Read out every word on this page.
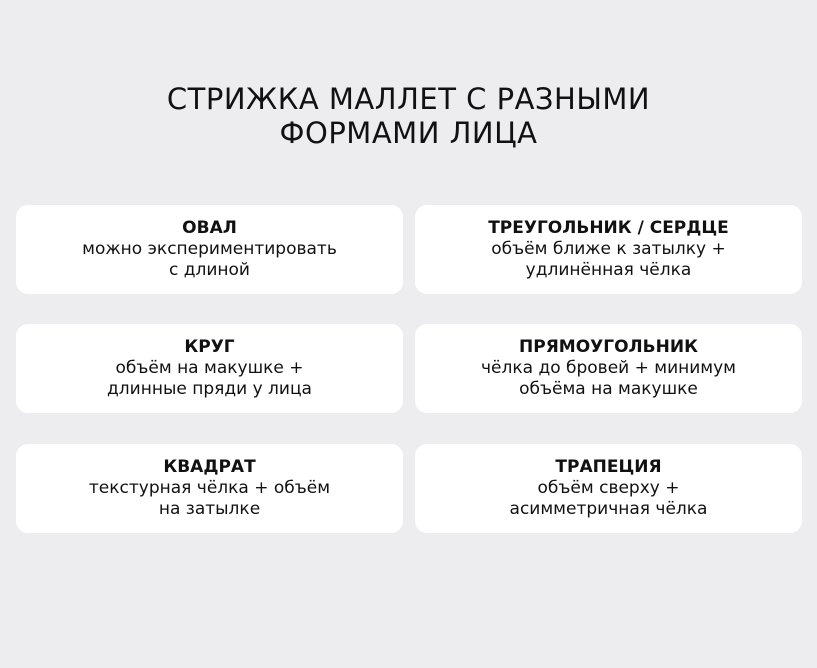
СТРИЖКА МАЛЛЕТ С РАЗНЫМИ
ФОРМАМИ ЛИЦА
ОВАЛ
можно экспериментировать
с длиной
ТРЕУГОЛЬНИК / СЕРДЦЕ
объём ближе к затылку +
удлинённая чёлка
КРУГ
объём на макушке +
длинные пряди у лица
ПРЯМОУГОЛЬНИК
чёлка до бровей + минимум
объёма на макушке
КВАДРАТ
текстурная чёлка + объём
на затылке
ТРАПЕЦИЯ
объём сверху +
асимметричная чёлка
